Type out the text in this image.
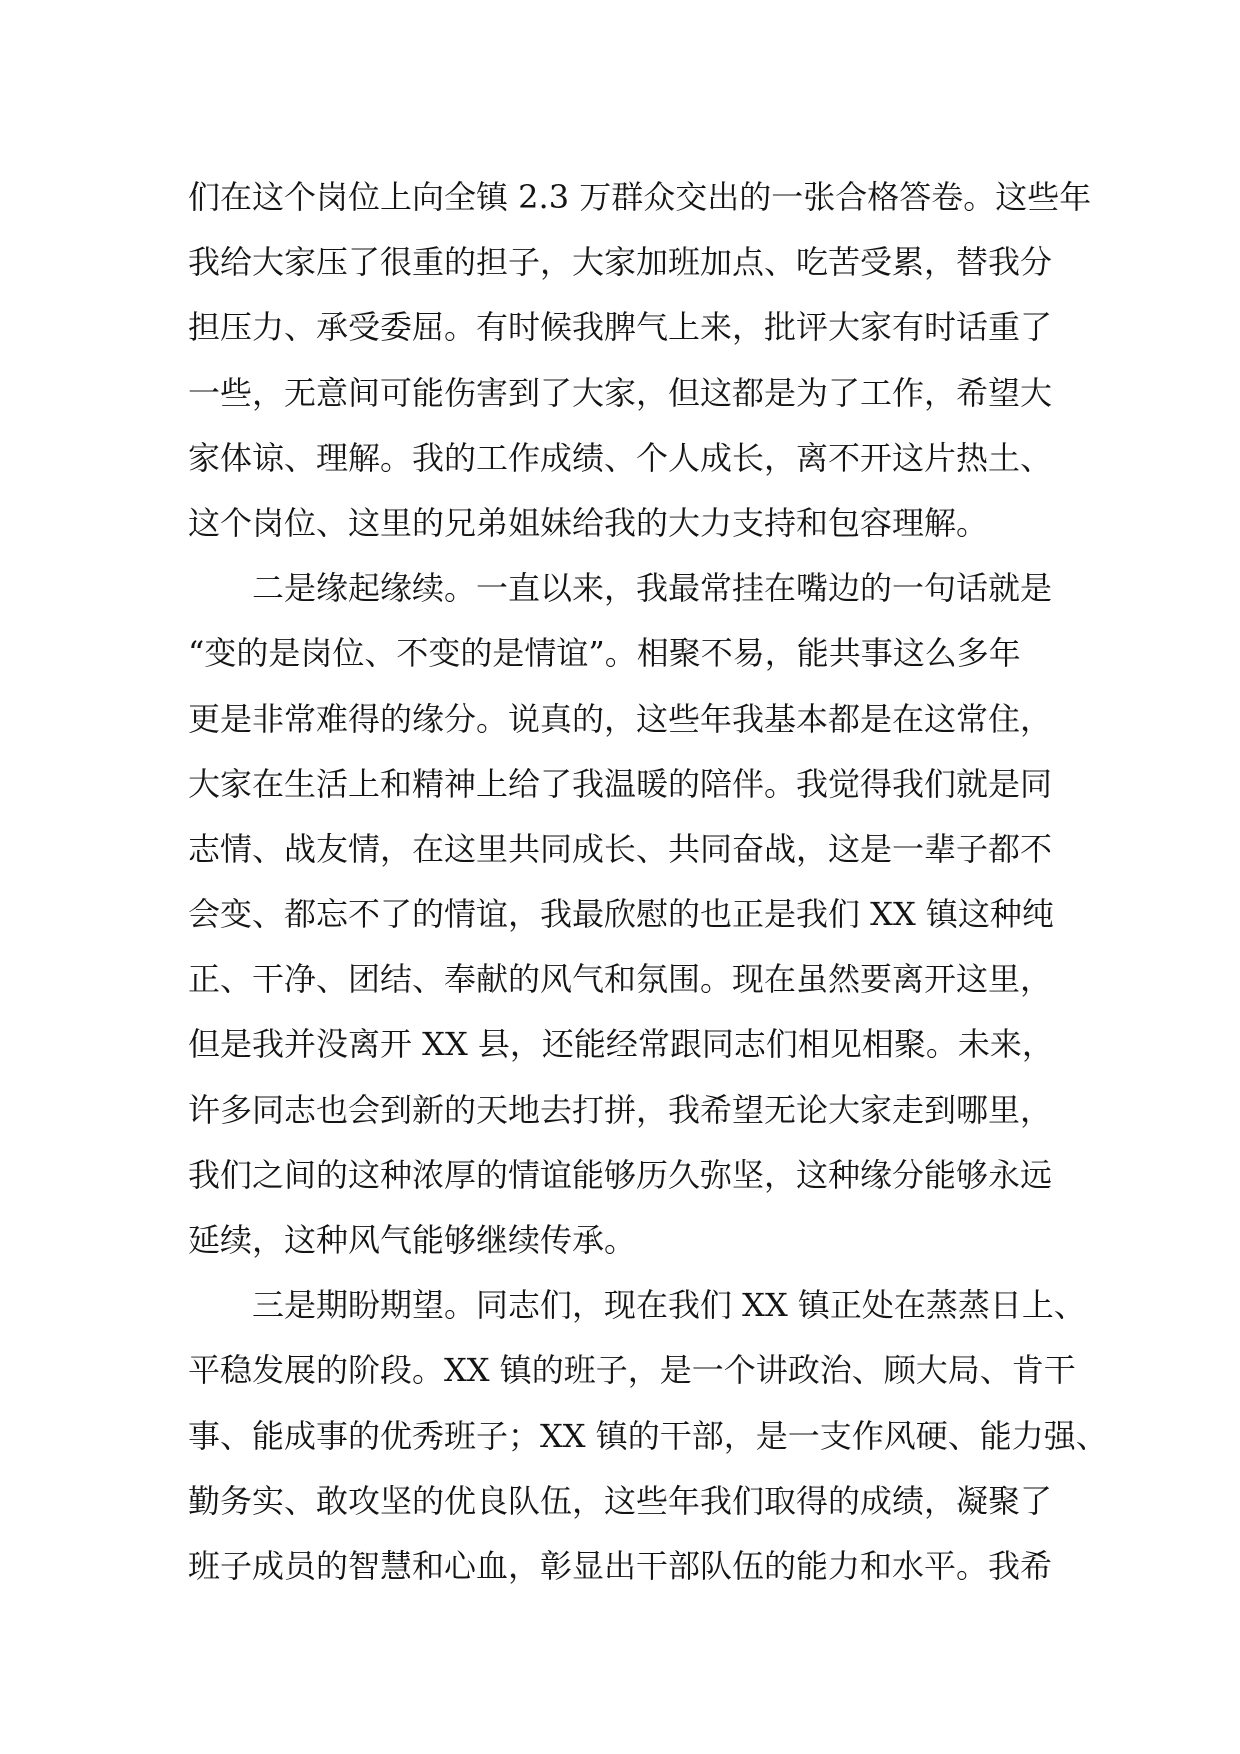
们在这个岗位上向全镇 2.3 万群众交出的一张合格答卷。这些年
我给大家压了很重的担子，大家加班加点、吃苦受累，替我分
担压力、承受委屈。有时候我脾气上来，批评大家有时话重了
一些，无意间可能伤害到了大家，但这都是为了工作，希望大
家体谅、理解。我的工作成绩、个人成长，离不开这片热土、
这个岗位、这里的兄弟姐妹给我的大力支持和包容理解。
二是缘起缘续。一直以来，我最常挂在嘴边的一句话就是
“变的是岗位、不变的是情谊”。相聚不易，能共事这么多年
更是非常难得的缘分。说真的，这些年我基本都是在这常住，
大家在生活上和精神上给了我温暖的陪伴。我觉得我们就是同
志情、战友情，在这里共同成长、共同奋战，这是一辈子都不
会变、都忘不了的情谊，我最欣慰的也正是我们 XX 镇这种纯
正、干净、团结、奉献的风气和氛围。现在虽然要离开这里，
但是我并没离开 XX 县，还能经常跟同志们相见相聚。未来，
许多同志也会到新的天地去打拼，我希望无论大家走到哪里，
我们之间的这种浓厚的情谊能够历久弥坚，这种缘分能够永远
延续，这种风气能够继续传承。
三是期盼期望。同志们，现在我们 XX 镇正处在蒸蒸日上、
平稳发展的阶段。XX 镇的班子，是一个讲政治、顾大局、肯干
事、能成事的优秀班子；XX 镇的干部，是一支作风硬、能力强、
勤务实、敢攻坚的优良队伍，这些年我们取得的成绩，凝聚了
班子成员的智慧和心血，彰显出干部队伍的能力和水平。我希
